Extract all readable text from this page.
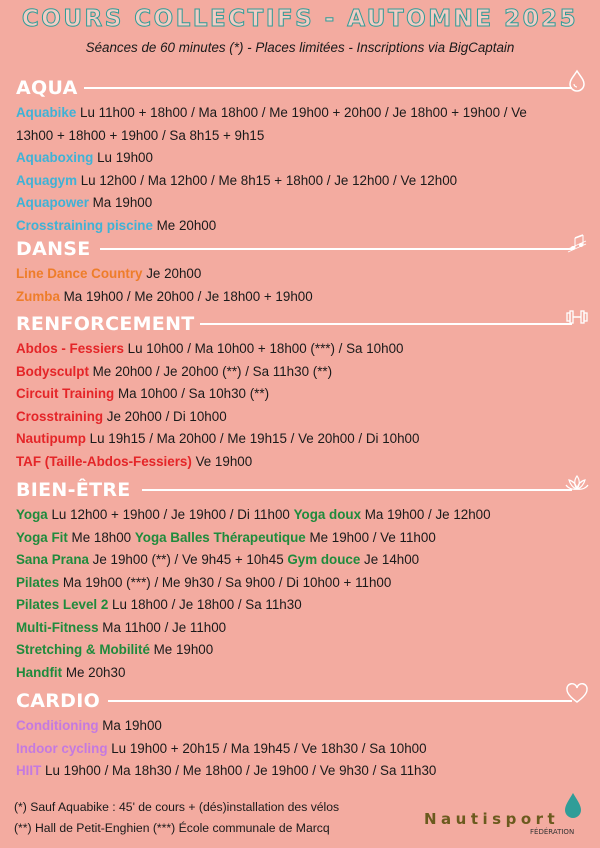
COURS COLLECTIFS - AUTOMNE 2025
Séances de 60 minutes (*) - Places limitées - Inscriptions via BigCaptain
AQUA
Aquabike Lu 11h00 + 18h00 / Ma 18h00 / Me 19h00 + 20h00 / Je 18h00 + 19h00 / Ve
13h00 + 18h00 + 19h00 / Sa 8h15 + 9h15
Aquaboxing Lu 19h00
Aquagym Lu 12h00 / Ma 12h00 / Me 8h15 + 18h00 / Je 12h00 / Ve 12h00
Aquapower Ma 19h00
Crosstraining piscine Me 20h00
DANSE
Line Dance Country Je 20h00
Zumba Ma 19h00 / Me 20h00 / Je 18h00 + 19h00
RENFORCEMENT
Abdos - Fessiers Lu 10h00 / Ma 10h00 + 18h00 (***) / Sa 10h00
Bodysculpt Me 20h00 / Je 20h00 (**) / Sa 11h30 (**)
Circuit Training Ma 10h00 / Sa 10h30 (**)
Crosstraining Je 20h00 / Di 10h00
Nautipump Lu 19h15 / Ma 20h00 / Me 19h15 / Ve 20h00 / Di 10h00
TAF (Taille-Abdos-Fessiers) Ve 19h00
BIEN-ÊTRE
Yoga Lu 12h00 + 19h00 / Je 19h00 / Di 11h00 Yoga doux Ma 19h00 / Je 12h00
Yoga Fit Me 18h00 Yoga Balles Thérapeutique Me 19h00 / Ve 11h00
Sana Prana Je 19h00 (**) / Ve 9h45 + 10h45 Gym douce Je 14h00
Pilates Ma 19h00 (***) / Me 9h30 / Sa 9h00 / Di 10h00 + 11h00
Pilates Level 2 Lu 18h00 / Je 18h00 / Sa 11h30
Multi-Fitness Ma 11h00 / Je 11h00
Stretching & Mobilité Me 19h00
Handfit Me 20h30
CARDIO
Conditioning Ma 19h00
Indoor cycling Lu 19h00 + 20h15 / Ma 19h45 / Ve 18h30 / Sa 10h00
HIIT Lu 19h00 / Ma 18h30 / Me 18h00 / Je 19h00 / Ve 9h30 / Sa 11h30
(*) Sauf Aquabike : 45' de cours + (dés)installation des vélos
(**) Hall de Petit-Enghien (***) École communale de Marcq	Nautisport
FÉDÉRATION
